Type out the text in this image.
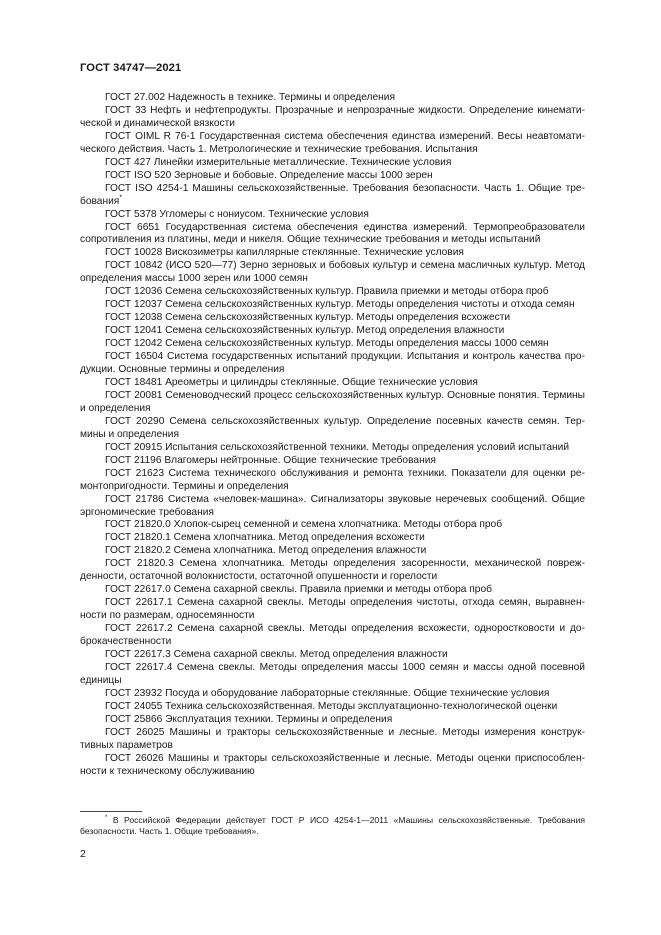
ГОСТ 34747—2021

ГОСТ 27.002 Надежность в технике. Термины и определения

ГОСТ 33 Нефть и нефтепродукты. Прозрачные и непрозрачные жидкости. Определение кинематической и динамической вязкости

ГОСТ OIML R 76-1 Государственная система обеспечения единства измерений. Весы неавтоматического действия. Часть 1. Метрологические и технические требования. Испытания

ГОСТ 427 Линейки измерительные металлические. Технические условия

ГОСТ ISO 520 Зерновые и бобовые. Определение массы 1000 зерен

ГОСТ ISO 4254-1 Машины сельскохозяйственные. Требования безопасности. Часть 1. Общие требования*

ГОСТ 5378 Угломеры с нониусом. Технические условия

ГОСТ 6651 Государственная система обеспечения единства измерений. Термопреобразователи сопротивления из платины, меди и никеля. Общие технические требования и методы испытаний

ГОСТ 10028 Вискозиметры капиллярные стеклянные. Технические условия

ГОСТ 10842 (ИСО 520—77) Зерно зерновых и бобовых культур и семена масличных культур. Метод определения массы 1000 зерен или 1000 семян

ГОСТ 12036 Семена сельскохозяйственных культур. Правила приемки и методы отбора проб

ГОСТ 12037 Семена сельскохозяйственных культур. Методы определения чистоты и отхода семян

ГОСТ 12038 Семена сельскохозяйственных культур. Методы определения всхожести

ГОСТ 12041 Семена сельскохозяйственных культур. Метод определения влажности

ГОСТ 12042 Семена сельскохозяйственных культур. Методы определения массы 1000 семян

ГОСТ 16504 Система государственных испытаний продукции. Испытания и контроль качества продукции. Основные термины и определения

ГОСТ 18481 Ареометры и цилиндры стеклянные. Общие технические условия

ГОСТ 20081 Семеноводческий процесс сельскохозяйственных культур. Основные понятия. Термины и определения

ГОСТ 20290 Семена сельскохозяйственных культур. Определение посевных качеств семян. Термины и определения

ГОСТ 20915 Испытания сельскохозяйственной техники. Методы определения условий испытаний

ГОСТ 21196 Влагомеры нейтронные. Общие технические требования

ГОСТ 21623 Система технического обслуживания и ремонта техники. Показатели для оценки ремонтопригодности. Термины и определения

ГОСТ 21786 Система «человек-машина». Сигнализаторы звуковые неречевых сообщений. Общие эргономические требования

ГОСТ 21820.0 Хлопок-сырец семенной и семена хлопчатника. Методы отбора проб

ГОСТ 21820.1 Семена хлопчатника. Метод определения всхожести

ГОСТ 21820.2 Семена хлопчатника. Метод определения влажности

ГОСТ 21820.3 Семена хлопчатника. Методы определения засоренности, механической поврежденности, остаточной волокнистости, остаточной опушенности и горелости

ГОСТ 22617.0 Семена сахарной свеклы. Правила приемки и методы отбора проб

ГОСТ 22617.1 Семена сахарной свеклы. Методы определения чистоты, отхода семян, выравненности по размерам, односемянности

ГОСТ 22617.2 Семена сахарной свеклы. Методы определения всхожести, одноростковости и доброкачественности

ГОСТ 22617.3 Семена сахарной свеклы. Метод определения влажности

ГОСТ 22617.4 Семена свеклы. Методы определения массы 1000 семян и массы одной посевной единицы

ГОСТ 23932 Посуда и оборудование лабораторные стеклянные. Общие технические условия

ГОСТ 24055 Техника сельскохозяйственная. Методы эксплуатационно-технологической оценки

ГОСТ 25866 Эксплуатация техники. Термины и определения

ГОСТ 26025 Машины и тракторы сельскохозяйственные и лесные. Методы измерения конструктивных параметров

ГОСТ 26026 Машины и тракторы сельскохозяйственные и лесные. Методы оценки приспособленности к техническому обслуживанию

* В Российской Федерации действует ГОСТ Р ИСО 4254-1—2011 «Машины сельскохозяйственные. Требования безопасности. Часть 1. Общие требования».

2
